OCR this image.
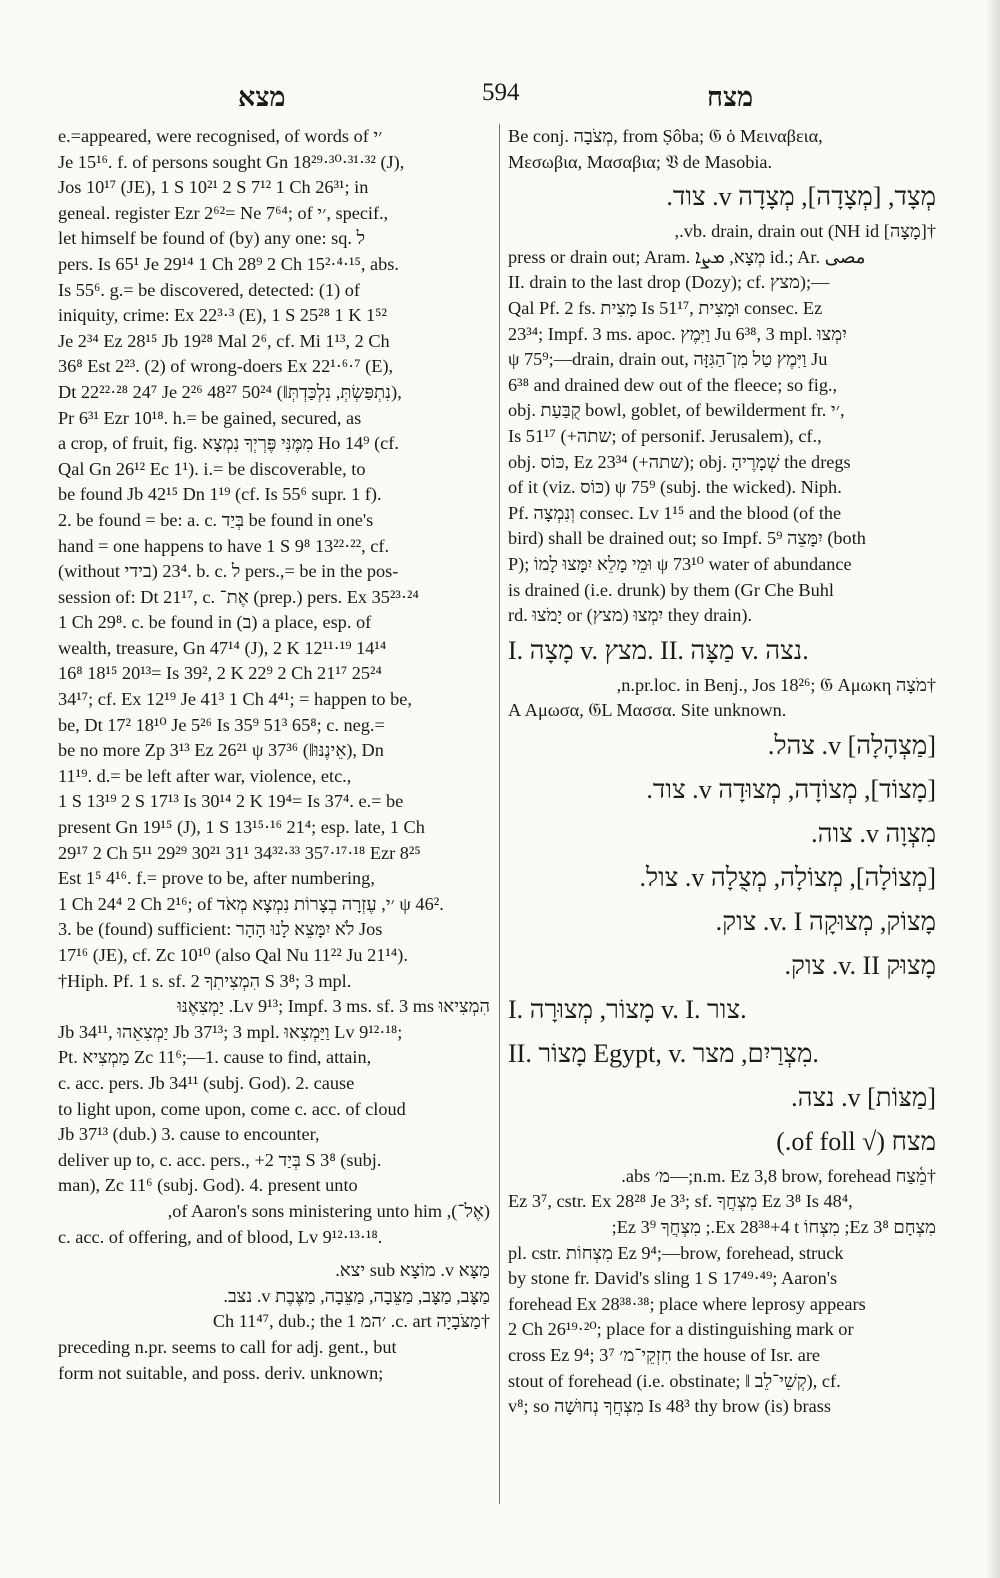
מצא	594	מצח
e.=appeared, were recognised, of words of ׳י
Je 15¹⁶. f. of persons sought Gn 18²⁹·³⁰·³¹·³² (J),
Jos 10¹⁷ (JE), 1 S 10²¹ 2 S 7¹² 1 Ch 26³¹; in
geneal. register Ezr 2⁶²= Ne 7⁶⁴; of ׳י, specif.,
let himself be found of (by) any one: sq. ל
pers. Is 65¹ Je 29¹⁴ 1 Ch 28⁹ 2 Ch 15²·⁴·¹⁵, abs.
Is 55⁶. g.= be discovered, detected: (1) of
iniquity, crime: Ex 22³·³ (E), 1 S 25²⁸ 1 K 1⁵²
Je 2³⁴ Ez 28¹⁵ Jb 19²⁸ Mal 2⁶, cf. Mi 1¹³, 2 Ch
36⁸ Est 2²³. (2) of wrong-doers Ex 22¹·⁶·⁷ (E),
Dt 22²²·²⁸ 24⁷ Je 2²⁶ 48²⁷ 50²⁴ (‖נִתְפַּשְׂתְּ, נִלְכַּדְתְּ),
Pr 6³¹ Ezr 10¹⁸. h.= be gained, secured, as
a crop, of fruit, fig. מִמֶּנִּי פֶּרְיְךָ נִמְצָא Ho 14⁹ (cf.
Qal Gn 26¹² Ec 1¹). i.= be discoverable, to
be found Jb 42¹⁵ Dn 1¹⁹ (cf. Is 55⁶ supr. 1 f).
2. be found = be: a. c. בְּיַד be found in one's
hand = one happens to have 1 S 9⁸ 13²²·²², cf.
(without בידי) 23⁴. b. c. ל pers.,= be in the pos-
session of: Dt 21¹⁷, c. אֶת־ (prep.) pers. Ex 35²³·²⁴
1 Ch 29⁸. c. be found in (ב) a place, esp. of
wealth, treasure, Gn 47¹⁴ (J), 2 K 12¹¹·¹⁹ 14¹⁴
16⁸ 18¹⁵ 20¹³= Is 39², 2 K 22⁹ 2 Ch 21¹⁷ 25²⁴
34¹⁷; cf. Ex 12¹⁹ Je 41³ 1 Ch 4⁴¹; = happen to be,
be, Dt 17² 18¹⁰ Je 5²⁶ Is 35⁹ 51³ 65⁸; c. neg.=
be no more Zp 3¹³ Ez 26²¹ ψ 37³⁶ (‖אֵינֶנּוּ), Dn
11¹⁹. d.= be left after war, violence, etc.,
1 S 13¹⁹ 2 S 17¹³ Is 30¹⁴ 2 K 19⁴= Is 37⁴. e.= be
present Gn 19¹⁵ (J), 1 S 13¹⁵·¹⁶ 21⁴; esp. late, 1 Ch
29¹⁷ 2 Ch 5¹¹ 29²⁹ 30²¹ 31¹ 34³²·³³ 35⁷·¹⁷·¹⁸ Ezr 8²⁵
Est 1⁵ 4¹⁶. f.= prove to be, after numbering,
1 Ch 24⁴ 2 Ch 2¹⁶; of ׳י, עֶזְרָה בְצָרוֹת נִמְצָא מְאֹד ψ 46².
3. be (found) sufficient: לֹא יִמָּצֵא לָנוּ הָהָר Jos
17¹⁶ (JE), cf. Zc 10¹⁰ (also Qal Nu 11²² Ju 21¹⁴).
†Hiph. Pf. 1 s. sf. הִמְצִיתִךָ 2 S 3⁸; 3 mpl.
הִמְצִיאוּ Lv 9¹³; Impf. 3 ms. sf. 3 ms. יַמְצִאֶנּוּ
Jb 34¹¹, יַמְצִאֵהוּ Jb 37¹³; 3 mpl. וַיַּמְצִאוּ Lv 9¹²·¹⁸;
Pt. מַמְצִיא Zc 11⁶;—1. cause to find, attain,
c. acc. pers. Jb 34¹¹ (subj. God). 2. cause
to light upon, come upon, come c. acc. of cloud
Jb 37¹³ (dub.) 3. cause to encounter,
deliver up to, c. acc. pers., +בְּיַד 2 S 3⁸ (subj.
man), Zc 11⁶ (subj. God). 4. present unto
(אֶל־), of Aaron's sons ministering unto him,
c. acc. of offering, and of blood, Lv 9¹²·¹³·¹⁸.
מַצָּא v. מוֹצָא sub יצא.
מַצָּב, מַצָּב, מַצֵּבָה, מַצֵּבָה, מַצֶּבֶת v. נצב.
†מַצֹּבָיָה c. art. ׳המ 1 Ch 11⁴⁷, dub.; the
preceding n.pr. seems to call for adj. gent., but
form not suitable, and poss. deriv. unknown;
Be conj. מְצֹבָה, from Ṣôba; 𝔊 ὁ Μειναβεια,
Μεσωβια, Μασαβια; 𝔙 de Masobia.
מְצָד, [מְצָדָה], מְצָדָה v. צוד.
†[מָצָה] vb. drain, drain out (NH id.,
press or drain out; Aram. מְצָא, ܡܨܐ id.; Ar. مصى
II. drain to the last drop (Dozy); cf. מצץ);—
Qal Pf. 2 fs. מָצִית Is 51¹⁷, וּמָצִית consec. Ez
23³⁴; Impf. 3 ms. apoc. וַיִּמֶץ Ju 6³⁸, 3 mpl. יִמְצוּ
ψ 75⁹;—drain, drain out, וַיִּמֶץ טַל מִן־הַגִּזָּה Ju
6³⁸ and drained dew out of the fleece; so fig.,
obj. קֻבַּעַת bowl, goblet, of bewilderment fr. ׳י,
Is 51¹⁷ (+שתה; of personif. Jerusalem), cf.,
obj. כּוֹס, Ez 23³⁴ (+שתה); obj. שְׁמָרֶיהָ the dregs
of it (viz. כּוֹס) ψ 75⁹ (subj. the wicked). Niph.
Pf. וְנִמְצָה consec. Lv 1¹⁵ and the blood (of the
bird) shall be drained out; so Impf. יִמָּצֵה 5⁹ (both
P); וּמֵי מָלֵא יִמָּצוּ לָמוֹ ψ 73¹⁰ water of abundance
is drained (i.e. drunk) by them (Gr Che Buhl
rd. יָמֹצוּ or יִמְצוּ (מצץ) they drain).
I. מָצָה v. מצץ. II. מַצָּה v. נצה.
†מֹצָה n.pr.loc. in Benj., Jos 18²⁶; 𝔊 Αμωκη,
A Αμωσα, 𝔊L Μασσα. Site unknown.
[מַצְהָלָה] v. צהל.
[מָצוֹד], מְצוֹדָה, מְצוּדָה v. צוד.
מִצְוָה v. צוה.
[מְצוֹלָה], מְצוֹלָה, מְצֻלָה v. צול.
מָצוֹק, מְצוּקָה v. I. צוק.
מָצוּק v. II. צוק.
I. מָצוֹר, מְצוּרָה v. I. צור.
II. מָצוֹר Egypt, v. מִצְרַיִם, מצר.
[מַצּוֹת] v. נצה.
מצח (√ of foll.)
†מֵ֫צַח n.m. Ez 3,8 brow, forehead;—מ׳ abs.
Ez 3⁷, cstr. Ex 28²⁸ Je 3³; sf. מִצְחֲךָ Ez 3⁸ Is 48⁴,
מִצְחָם Ez 3⁸; מִצְחוֹ Ex 28³⁸+4 t.; מִצְחֲךָ Ez 3⁹;
pl. cstr. מִצְחוֹת Ez 9⁴;—brow, forehead, struck
by stone fr. David's sling 1 S 17⁴⁹·⁴⁹; Aaron's
forehead Ex 28³⁸·³⁸; place where leprosy appears
2 Ch 26¹⁹·²⁰; place for a distinguishing mark or
cross Ez 9⁴; חִזְקֵי־מ׳ 3⁷ the house of Isr. are
stout of forehead (i.e. obstinate; ‖ קְשֵׁי־לֵב), cf.
v⁸; so מִצְחֲךָ נְחוּשָׁה Is 48³ thy brow (is) brass
